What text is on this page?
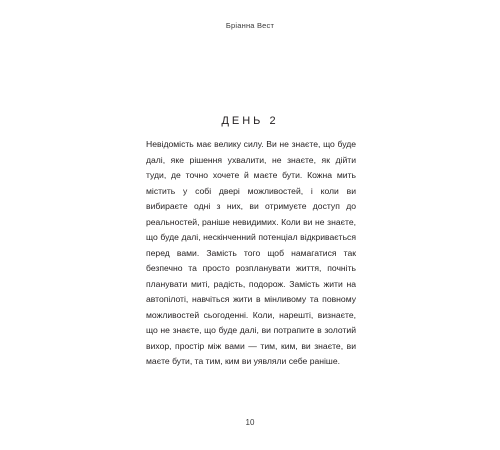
Бріанна Вест
ДЕНЬ 2

Невідомість має велику силу. Ви не знаєте, що буде далі, яке рішення ухвалити, не знаєте, як дійти туди, де точно хочете й маєте бути. Кожна мить містить у собі двері можливостей, і коли ви вибираєте одні з них, ви отримуєте доступ до реальностей, раніше невидимих. Коли ви не знаєте, що буде далі, нескінченний потенціал відкривається перед вами. Замість того щоб намагатися так безпечно та просто розпланувати життя, почніть планувати миті, радість, подорож. Замість жити на автопілоті, навчіться жити в мінливому та повному можливостей сьогоденні. Коли, нарешті, визнаєте, що не знаєте, що буде далі, ви потрапите в золотий вихор, простір між вами — тим, ким, ви знаєте, ви маєте бути, та тим, ким ви уявляли себе раніше.

10
